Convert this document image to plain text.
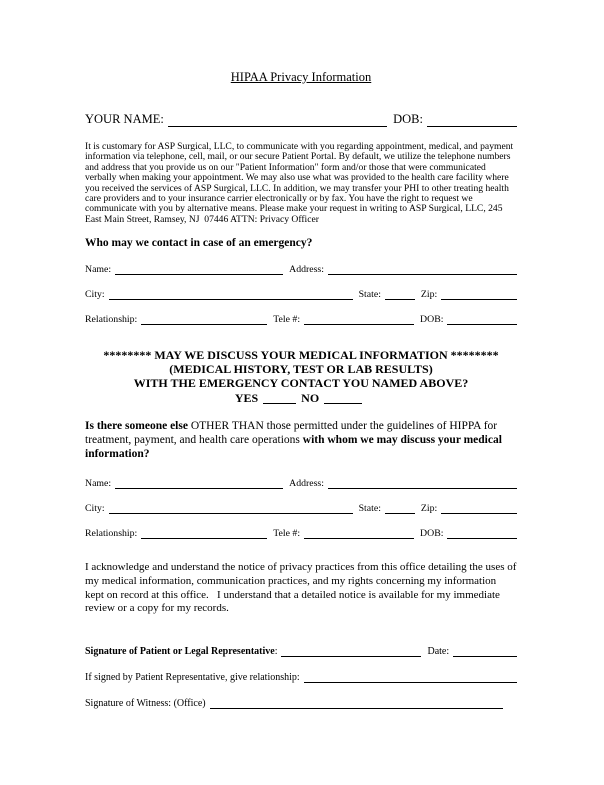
HIPAA Privacy Information
YOUR NAME:	DOB:

It is customary for ASP Surgical, LLC, to communicate with you regarding appointment, medical, and payment information via telephone, cell, mail, or our secure Patient Portal. By default, we utilize the telephone numbers and address that you provide us on our "Patient Information" form and/or those that were communicated verbally when making your appointment. We may also use what was provided to the health care facility where you received the services of ASP Surgical, LLC. In addition, we may transfer your PHI to other treating health care providers and to your insurance carrier electronically or by fax. You have the right to request we communicate with you by alternative means. Please make your request in writing to ASP Surgical, LLC, 245 East Main Street, Ramsey, NJ  07446 ATTN: Privacy Officer

Who may we contact in case of an emergency?
Name:	Address:
City:	State:	Zip:
Relationship:	Tele #:	DOB:
******** MAY WE DISCUSS YOUR MEDICAL INFORMATION ********
(MEDICAL HISTORY, TEST OR LAB RESULTS)
WITH THE EMERGENCY CONTACT YOU NAMED ABOVE?
YES	NO

Is there someone else OTHER THAN those permitted under the guidelines of HIPPA for treatment, payment, and health care operations with whom we may discuss your medical information?

Name:	Address:
City:	State:	Zip:
Relationship:	Tele #:	DOB:

I acknowledge and understand the notice of privacy practices from this office detailing the uses of my medical information, communication practices, and my rights concerning my information kept on record at this office.   I understand that a detailed notice is available for my immediate review or a copy for my records.

Signature of Patient or Legal Representative :	Date:
If signed by Patient Representative, give relationship:
Signature of Witness: (Office)
